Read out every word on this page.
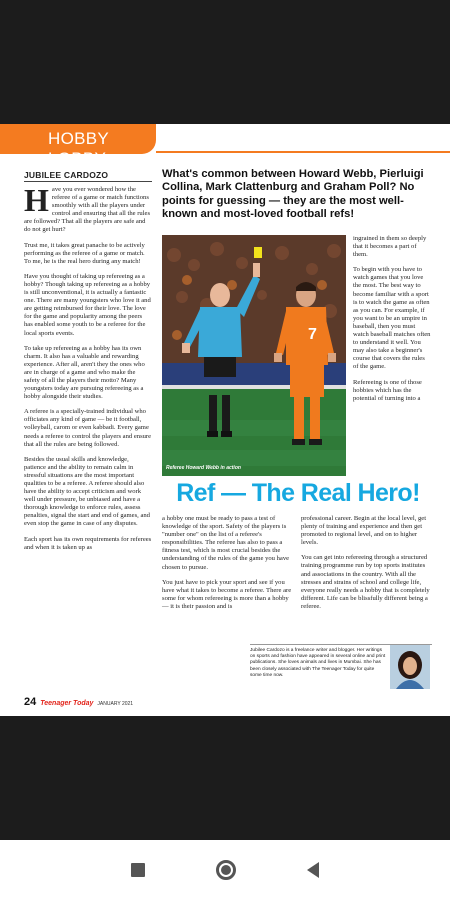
HOBBY LOBBY
JUBILEE CARDOZO

Have you ever wondered how the referee of a game or match functions smoothly with all the players under control and ensuring that all the rules are followed? That all the players are safe and do not get hurt?

Trust me, it takes great panache to be actively performing as the referee of a game or match. To me, he is the real hero during any match!

Have you thought of taking up refereeing as a hobby? Though taking up refereeing as a hobby is still unconventional, it is actually a fantastic one. There are many youngsters who love it and are getting reimbursed for their love. The love for the game and popularity among the peers has enabled some youth to be a referee for the local sports events.

To take up refereeing as a hobby has its own charm. It also has a valuable and rewarding experience. After all, aren't they the ones who are in charge of a game and who make the safety of all the players their motto? Many youngsters today are pursuing refereeing as a hobby alongside their studies.

A referee is a specially-trained individual who officiates any kind of game — be it football, volleyball, carom or even kabbadi. Every game needs a referee to control the players and ensure that all the rules are being followed.

Besides the usual skills and knowledge, patience and the ability to remain calm in stressful situations are the most important qualities to be a referee. A referee should also have the ability to accept criticism and work well under pressure, be unbiased and have a thorough knowledge to enforce rules, assess penalties, signal the start and end of games, and even stop the game in case of any disputes.

Each sport has its own requirements for referees and when it is taken up as

What's common between Howard Webb, Pierluigi Collina, Mark Clattenburg and Graham Poll? No points for guessing — they are the most well-known and most-loved football refs!
7
Referee Howard Webb in action

ingrained in them so deeply that it becomes a part of them.

To begin with you have to watch games that you love the most. The best way to become familiar with a sport is to watch the game as often as you can. For example, if you want to be an umpire in baseball, then you must watch baseball matches often to understand it well. You may also take a beginner's course that covers the rules of the game.

Refereeing is one of those hobbies which has the potential of turning into a

Ref — The Real Hero!

a hobby one must be ready to pass a test of knowledge of the sport. Safety of the players is "number one" on the list of a referee's responsibilities. The referee has also to pass a fitness test, which is most crucial besides the understanding of the rules of the game you have chosen to pursue.

You just have to pick your sport and see if you have what it takes to become a referee. There are some for whom refereeing is more than a hobby — it is their passion and is

professional career. Begin at the local level, get plenty of training and experience and then get promoted to regional level, and on to higher levels.

You can get into refereeing through a structured training programme run by top sports institutes and associations in the country. With all the stresses and strains of school and college life, everyone really needs a hobby that is completely different. Life can be blissfully different being a referee.

Jubilee Cardozo is a freelance writer and blogger. Her writings on sports and fashion have appeared in several online and print publications. She loves animals and lives in Mumbai. She has been closely associated with The Teenager Today for quite some time now.
24 Teenager Today JANUARY 2021
